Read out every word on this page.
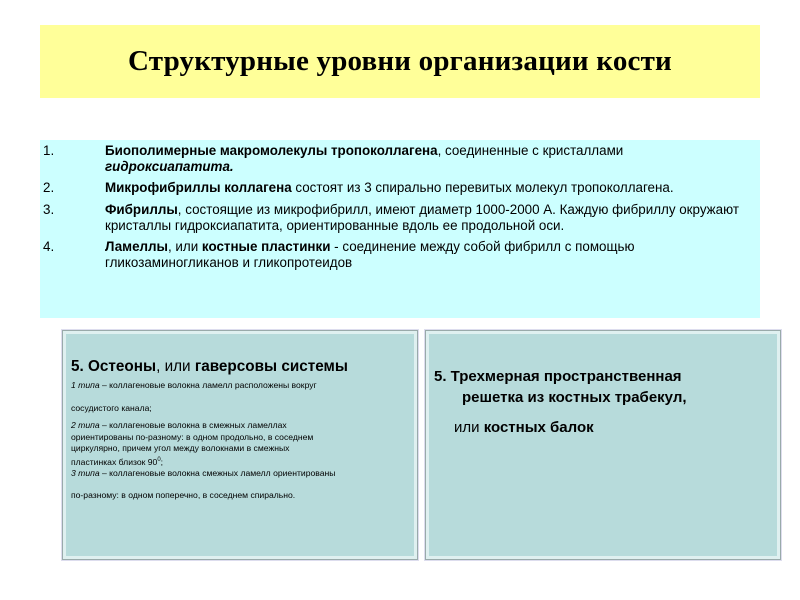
Структурные уровни организации кости
1.	Биополимерные макромолекулы тропоколлагена, соединенные с кристаллами гидроксиапатита.
2.	Микрофибриллы коллагена состоят из 3 спирально перевитых молекул тропоколлагена.
3.	Фибриллы, состоящие из микрофибрилл, имеют диаметр 1000-2000 А. Каждую фибриллу окружают кристаллы гидроксиапатита, ориентированные вдоль ее продольной оси.
4.	Ламеллы, или костные пластинки - соединение между собой фибрилл с помощью гликозаминогликанов и гликопротеидов

5. Остеоны, или гаверсовы системы

1 типа – коллагеновые волокна ламелл расположены вокруг

сосудистого канала;

2 типа – коллагеновые волокна в смежных ламеллах

ориентированы по-разному: в одном продольно, в соседнем

циркулярно, причем угол между волокнами в смежных

пластинках близок $90^0$;

3 типа – коллагеновые волокна смежных ламелл ориентированы

по-разному: в одном поперечно, в соседнем спирально.

5. Трехмерная пространственная
решетка из костных трабекул,
или костных балок
